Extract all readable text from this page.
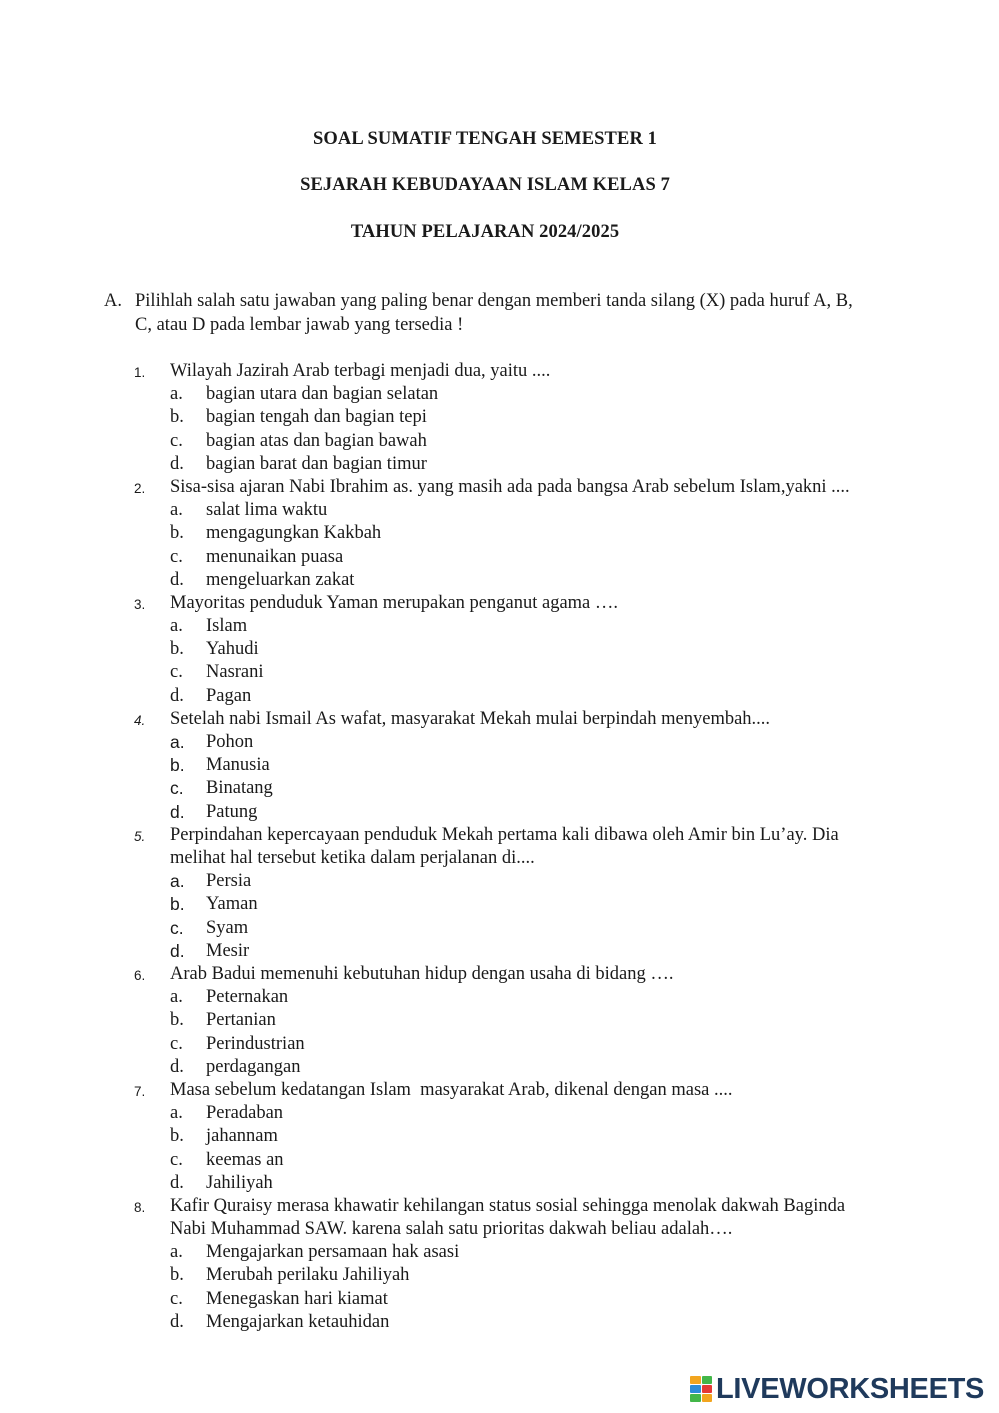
SOAL SUMATIF TENGAH SEMESTER 1
SEJARAH KEBUDAYAAN ISLAM KELAS 7
TAHUN PELAJARAN 2024/2025
A. Pilihlah salah satu jawaban yang paling benar dengan memberi tanda silang (X) pada huruf A, B, C, atau D pada lembar jawab yang tersedia !
1. Wilayah Jazirah Arab terbagi menjadi dua, yaitu ....
a. bagian utara dan bagian selatan
b. bagian tengah dan bagian tepi
c. bagian atas dan bagian bawah
d. bagian barat dan bagian timur
2. Sisa-sisa ajaran Nabi Ibrahim as. yang masih ada pada bangsa Arab sebelum Islam,yakni ....
a. salat lima waktu
b. mengagungkan Kakbah
c. menunaikan puasa
d. mengeluarkan zakat
3. Mayoritas penduduk Yaman merupakan penganut agama ….
a. Islam
b. Yahudi
c. Nasrani
d. Pagan
4. Setelah nabi Ismail As wafat, masyarakat Mekah mulai berpindah menyembah....
a. Pohon
b. Manusia
c. Binatang
d. Patung
5. Perpindahan kepercayaan penduduk Mekah pertama kali dibawa oleh Amir bin Lu’ay. Dia melihat hal tersebut ketika dalam perjalanan di....
a. Persia
b. Yaman
c. Syam
d. Mesir
6. Arab Badui memenuhi kebutuhan hidup dengan usaha di bidang ….
a. Peternakan
b. Pertanian
c. Perindustrian
d. perdagangan
7. Masa sebelum kedatangan Islam  masyarakat Arab, dikenal dengan masa ....
a. Peradaban
b. jahannam
c. keemas an
d. Jahiliyah
8. Kafir Quraisy merasa khawatir kehilangan status sosial sehingga menolak dakwah Baginda Nabi Muhammad SAW. karena salah satu prioritas dakwah beliau adalah….
a. Mengajarkan persamaan hak asasi
b. Merubah perilaku Jahiliyah
c. Menegaskan hari kiamat
d. Mengajarkan ketauhidan
LIVEWORKSHEETS
